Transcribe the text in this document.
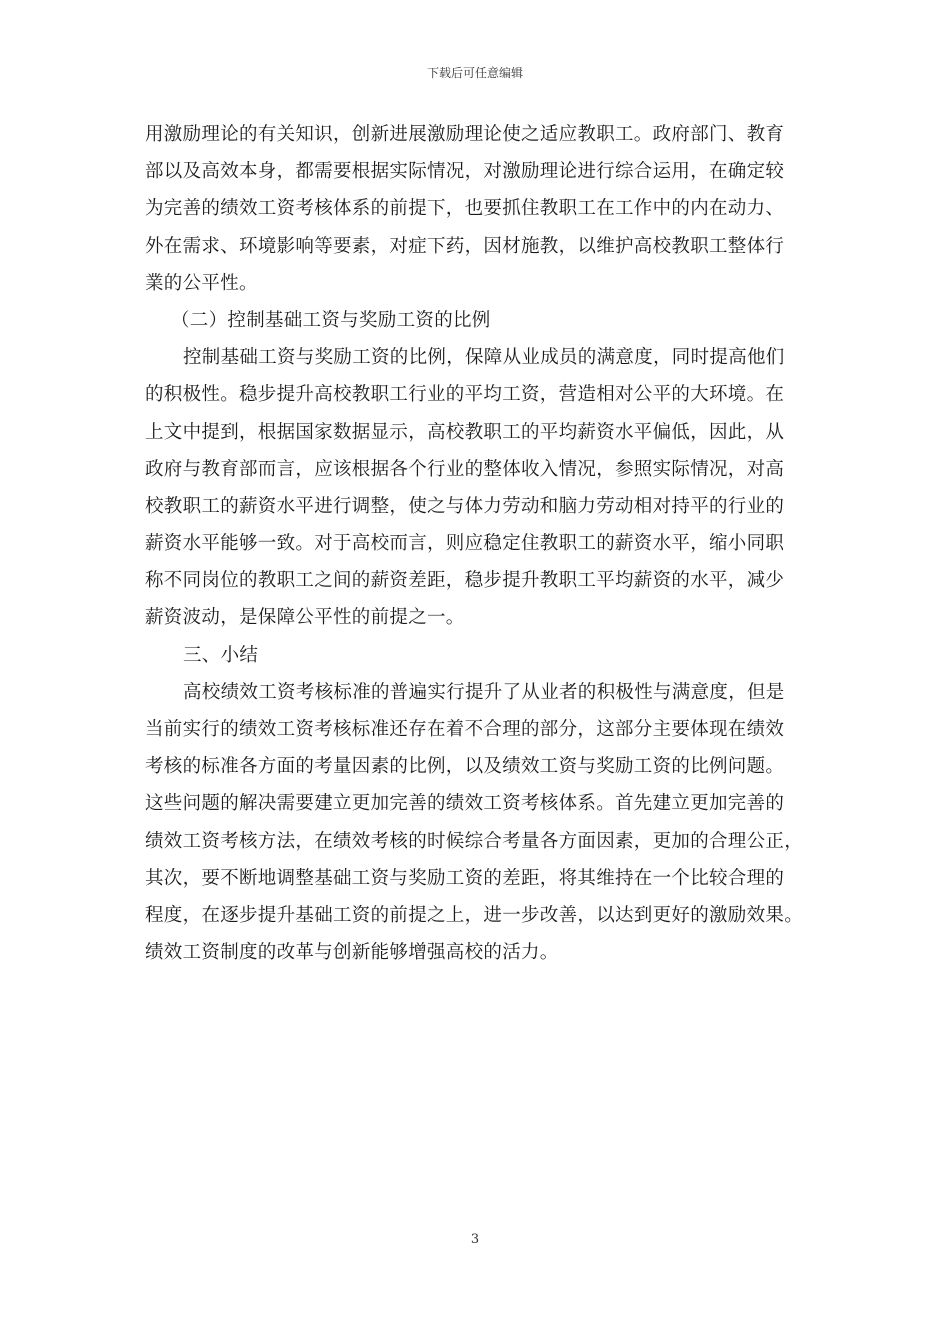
下载后可任意编辑
用激励理论的有关知识，创新进展激励理论使之适应教职工。政府部门、教育
部以及高效本身，都需要根据实际情况，对激励理论进行综合运用，在确定较
为完善的绩效工资考核体系的前提下，也要抓住教职工在工作中的内在动力、
外在需求、环境影响等要素，对症下药，因材施教，以维护高校教职工整体行
業的公平性。
（二）控制基础工资与奖励工资的比例
控制基础工资与奖励工资的比例，保障从业成员的满意度，同时提高他们
的积极性。稳步提升高校教职工行业的平均工资，营造相对公平的大环境。在
上文中提到，根据国家数据显示，高校教职工的平均薪资水平偏低，因此，从
政府与教育部而言，应该根据各个行业的整体收入情况，参照实际情况，对高
校教职工的薪资水平进行调整，使之与体力劳动和脑力劳动相对持平的行业的
薪资水平能够一致。对于高校而言，则应稳定住教职工的薪资水平，缩小同职
称不同岗位的教职工之间的薪资差距，稳步提升教职工平均薪资的水平，减少
薪资波动，是保障公平性的前提之一。
三、小结
高校绩效工资考核标准的普遍实行提升了从业者的积极性与满意度，但是
当前实行的绩效工资考核标准还存在着不合理的部分，这部分主要体现在绩效
考核的标准各方面的考量因素的比例，以及绩效工资与奖励工资的比例问题。
这些问题的解决需要建立更加完善的绩效工资考核体系。首先建立更加完善的
绩效工资考核方法，在绩效考核的时候综合考量各方面因素，更加的合理公正，
其次，要不断地调整基础工资与奖励工资的差距，将其维持在一个比较合理的
程度，在逐步提升基础工资的前提之上，进一步改善，以达到更好的激励效果。
绩效工资制度的改革与创新能够增强高校的活力。
3
